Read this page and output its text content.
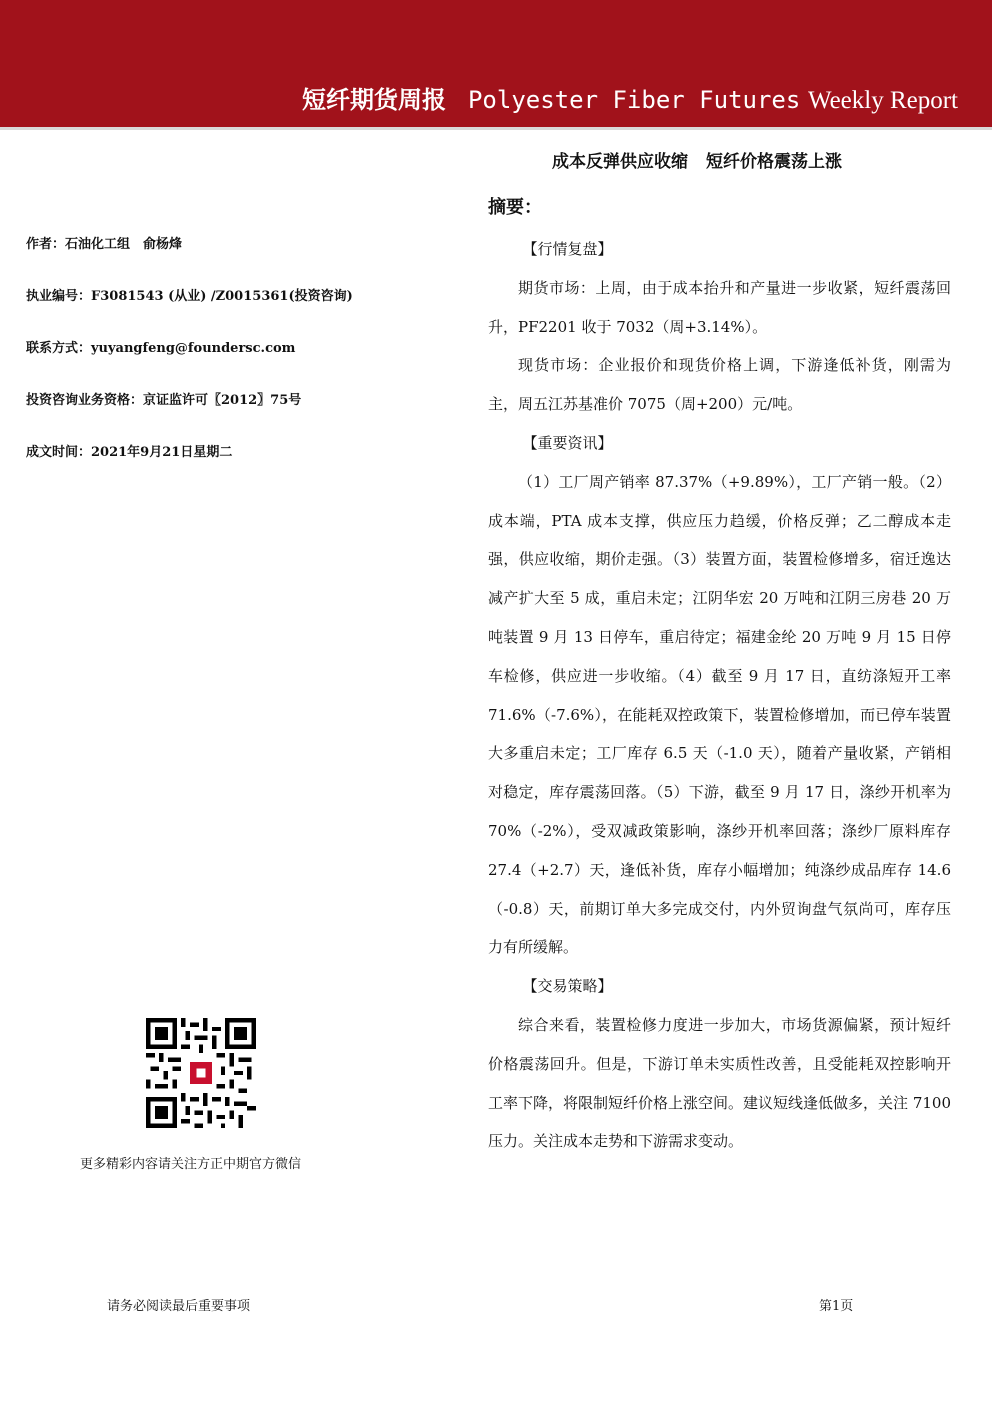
短纤期货周报 Polyester Fiber Futures Weekly Report
成本反弹供应收缩 短纤价格震荡上涨
作者：石油化工组　俞杨烽
执业编号：F3081543 (从业) /Z0015361(投资咨询)
联系方式：yuyangfeng@foundersc.com
投资咨询业务资格：京证监许可〖2012〗75号
成文时间：2021年9月21日星期二
更多精彩内容请关注方正中期官方微信
摘要：

【行情复盘】

期货市场：上周，由于成本抬升和产量进一步收紧，短纤震荡回升，PF2201 收于 7032（周+3.14%）。

现货市场：企业报价和现货价格上调，下游逢低补货，刚需为主，周五江苏基准价 7075（周+200）元/吨。

【重要资讯】

（1）工厂周产销率 87.37%（+9.89%），工厂产销一般。（2）成本端，PTA 成本支撑，供应压力趋缓，价格反弹；乙二醇成本走强，供应收缩，期价走强。（3）装置方面，装置检修增多，宿迁逸达减产扩大至 5 成，重启未定；江阴华宏 20 万吨和江阴三房巷 20 万吨装置 9 月 13 日停车，重启待定；福建金纶 20 万吨 9 月 15 日停车检修，供应进一步收缩。（4）截至 9 月 17 日，直纺涤短开工率 71.6%（-7.6%），在能耗双控政策下，装置检修增加，而已停车装置大多重启未定；工厂库存 6.5 天（-1.0 天），随着产量收紧，产销相对稳定，库存震荡回落。（5）下游，截至 9 月 17 日，涤纱开机率为 70%（-2%），受双减政策影响，涤纱开机率回落；涤纱厂原料库存 27.4（+2.7）天，逢低补货，库存小幅增加；纯涤纱成品库存 14.6（-0.8）天，前期订单大多完成交付，内外贸询盘气氛尚可，库存压力有所缓解。

【交易策略】

综合来看，装置检修力度进一步加大，市场货源偏紧，预计短纤价格震荡回升。但是，下游订单未实质性改善，且受能耗双控影响开工率下降，将限制短纤价格上涨空间。建议短线逢低做多，关注 7100 压力。关注成本走势和下游需求变动。

请务必阅读最后重要事项	第1页
